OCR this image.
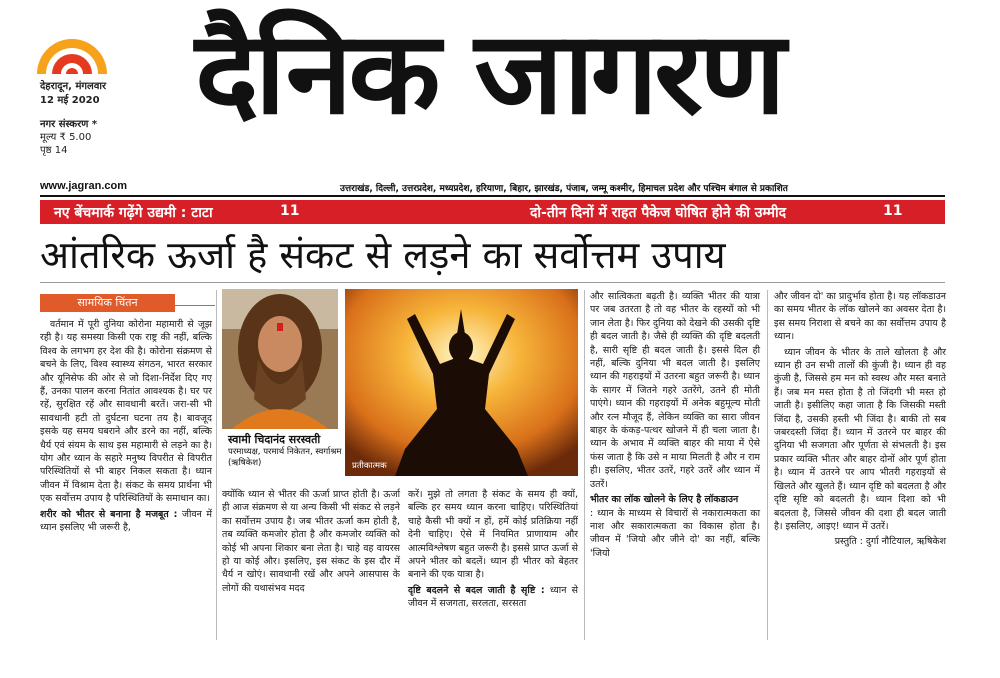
देहरादून, मंगलवार
12 मई 2020
नगर संस्करण *
मूल्य ₹ 5.00
पृष्ठ 14
दैनिक जागरण
www.jagran.com	उत्तराखंड, दिल्ली, उत्तरप्रदेश, मध्यप्रदेश, हरियाणा, बिहार, झारखंड, पंजाब, जम्मू कश्मीर, हिमाचल प्रदेश और पश्चिम बंगाल से प्रकाशित
नए बेंचमार्क गढ़ेंगे उद्यमी : टाटा	11	दो-तीन दिनों में राहत पैकेज घोषित होने की उम्मीद	11
आंतरिक ऊर्जा है संकट से लड़ने का सर्वोत्तम उपाय
सामयिक चिंतन

वर्तमान में पूरी दुनिया कोरोना महामारी से जूझ रही है। यह समस्या किसी एक राष्ट्र की नहीं, बल्कि विश्व के लगभग हर देश की है। कोरोना संक्रमण से बचने के लिए, विश्व स्वास्थ्य संगठन, भारत सरकार और यूनिसेफ की ओर से जो दिशा-निर्देश दिए गए हैं, उनका पालन करना नितांत आवश्यक है। घर पर रहें, सुरक्षित रहें और सावधानी बरतें। जरा-सी भी सावधानी हटी तो दुर्घटना घटना तय है। बावजूद इसके यह समय घबराने और डरने का नहीं, बल्कि धैर्य एवं संयम के साथ इस महामारी से लड़ने का है। योग और ध्यान के सहारे मनुष्य विपरीत से विपरीत परिस्थितियों से भी बाहर निकल सकता है। ध्यान जीवन में विश्राम देता है। संकट के समय प्रार्थना भी एक सर्वोत्तम उपाय है परिस्थितियों के समाधान का।

शरीर को भीतर से बनाना है मजबूत : जीवन में ध्यान इसलिए भी जरूरी है,
स्वामी चिदानंद सरस्वती
परमाध्यक्ष, परमार्थ निकेतन, स्वर्गाश्रम (ऋषिकेश)	प्रतीकात्मक

क्योंकि ध्यान से भीतर की ऊर्जा प्राप्त होती है। ऊर्जा ही आज संक्रमण से या अन्य किसी भी संकट से लड़ने का सर्वोत्तम उपाय है। जब भीतर ऊर्जा कम होती है, तब व्यक्ति कमजोर होता है और कमजोर व्यक्ति को कोई भी अपना शिकार बना लेता है। चाहे वह वायरस हो या कोई और। इसलिए, इस संकट के इस दौर में धैर्य न खोएं। सावधानी रखें और अपने आसपास के लोगों की यथासंभव मदद

करें। मुझे तो लगता है संकट के समय ही क्यों, बल्कि हर समय ध्यान करना चाहिए। परिस्थितियां चाहे कैसी भी क्यों न हों, हमें कोई प्रतिक्रिया नहीं देनी चाहिए। ऐसे में नियमित प्राणायाम और आत्मविश्लेषण बहुत जरूरी है। इससे प्राप्त ऊर्जा से अपने भीतर को बदलें। ध्यान ही भीतर को बेहतर बनाने की एक यात्रा है।

दृष्टि बदलने से बदल जाती है सृष्टि : ध्यान से जीवन में सजगता, सरलता, सरसता

और सात्विकता बढ़ती है। व्यक्ति भीतर की यात्रा पर जब उतरता है तो वह भीतर के रहस्यों को भी जान लेता है। फिर दुनिया को देखने की उसकी दृष्टि ही बदल जाती है। जैसे ही व्यक्ति की दृष्टि बदलती है, सारी सृष्टि ही बदल जाती है। इससे दिल ही नहीं, बल्कि दुनिया भी बदल जाती है। इसलिए ध्यान की गहराइयों में उतरना बहुत जरूरी है। ध्यान के सागर में जितने गहरे उतरेंगे, उतने ही मोती पाएंगे। ध्यान की गहराइयों में अनेक बहुमूल्य मोती और रत्न मौजूद हैं, लेकिन व्यक्ति का सारा जीवन बाहर के कंकड़-पत्थर खोजने में ही चला जाता है। ध्यान के अभाव में व्यक्ति बाहर की माया में ऐसे फंस जाता है कि उसे न माया मिलती है और न राम ही। इसलिए, भीतर उतरें, गहरे उतरें और ध्यान में उतरें।

भीतर का लॉक खोलने के लिए है लॉकडाउन

: ध्यान के माध्यम से विचारों से नकारात्मकता का नाश और सकारात्मकता का विकास होता है। जीवन में 'जियो और जीने दो' का नहीं, बल्कि 'जियो

और जीवन दो' का प्रादुर्भाव होता है। यह लॉकडाउन का समय भीतर के लॉक खोलने का अवसर देता है। इस समय निराशा से बचने का का सर्वोत्तम उपाय है ध्यान।

ध्यान जीवन के भीतर के ताले खोलता है और ध्यान ही उन सभी तालों की कुंजी है। ध्यान ही वह कुंजी है, जिससे हम मन को स्वस्थ और मस्त बनाते हैं। जब मन मस्त होता है तो जिंदगी भी मस्त हो जाती है। इसीलिए कहा जाता है कि जिसकी मस्ती जिंदा है, उसकी हस्ती भी जिंदा है। बाकी तो सब जबरदस्ती जिंदा हैं। ध्यान में उतरने पर बाहर की दुनिया भी सजगता और पूर्णता से संभलती है। इस प्रकार व्यक्ति भीतर और बाहर दोनों ओर पूर्ण होता है। ध्यान में उतरने पर आप भीतरी गहराइयों से खिलते और खुलते हैं। ध्यान दृष्टि को बदलता है और दृष्टि सृष्टि को बदलती है। ध्यान दिशा को भी बदलता है, जिससे जीवन की दशा ही बदल जाती है। इसलिए, आइए! ध्यान में उतरें।

प्रस्तुति : दुर्गा नौटियाल, ऋषिकेश
